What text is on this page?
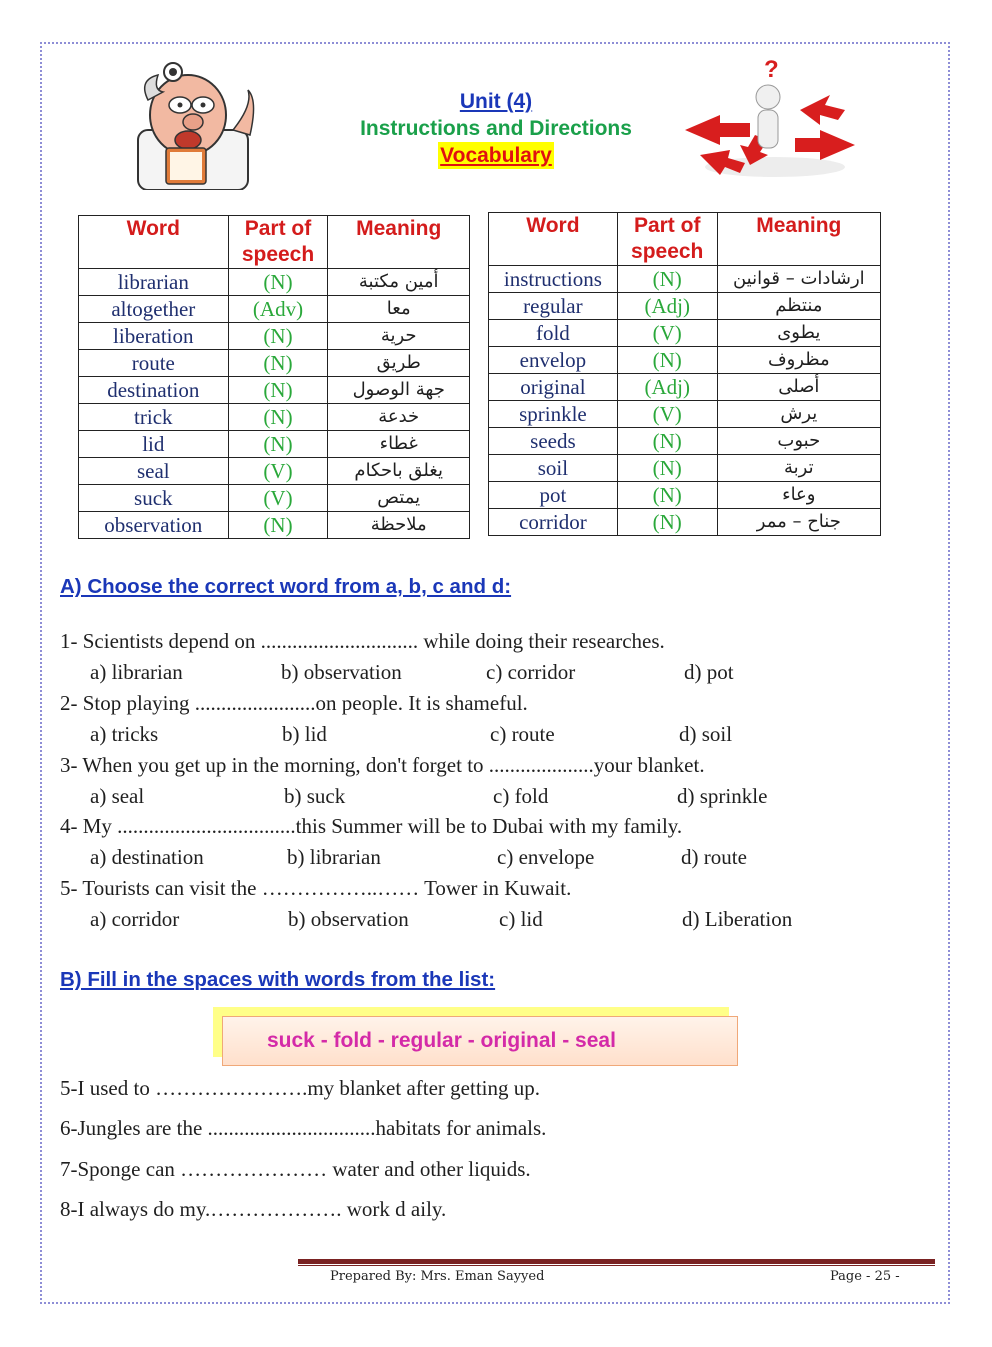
?
Unit (4)
Instructions and Directions
Vocabulary
Word	Part of speech	Meaning
librarian	(N)	أمين مكتبة
altogether	(Adv)	معا
liberation	(N)	حرية
route	(N)	طريق
destination	(N)	جهة الوصول
trick	(N)	خدعة
lid	(N)	غطاء
seal	(V)	يغلق باحكام
suck	(V)	يمتص
observation	(N)	ملاحظة
Word	Part of speech	Meaning
instructions	(N)	ارشادات – قوانين
regular	(Adj)	منتظم
fold	(V)	يطوى
envelop	(N)	مظروف
original	(Adj)	أصلى
sprinkle	(V)	يرش
seeds	(N)	حبوب
soil	(N)	تربة
pot	(N)	وعاء
corridor	(N)	جناح – ممر
A) Choose the correct word from a, b, c and d:
1- Scientists depend on .............................. while doing their researches.
a) librarian	b) observation	c) corridor	d) pot
2- Stop playing .......................on people. It is shameful.
a) tricks	b) lid	c) route	d) soil
3- When you get up in the morning, don't forget to ....................your blanket.
a) seal	b) suck	c) fold	d) sprinkle
4- My ..................................this Summer will be to Dubai with my family.
a) destination	b) librarian	c) envelope	d) route
5- Tourists can visit the ……………..…… Tower in Kuwait.
a) corridor	b) observation	c) lid	d) Liberation
B) Fill in the spaces with words from the list:
suck - fold - regular - original - seal
5-I used to ………………….my blanket after getting up.
6-Jungles are the ................................habitats for animals.
7-Sponge can ………………… water and other liquids.
8-I always do my.………………. work d aily.
Prepared By: Mrs. Eman Sayyed	Page - 25 -
